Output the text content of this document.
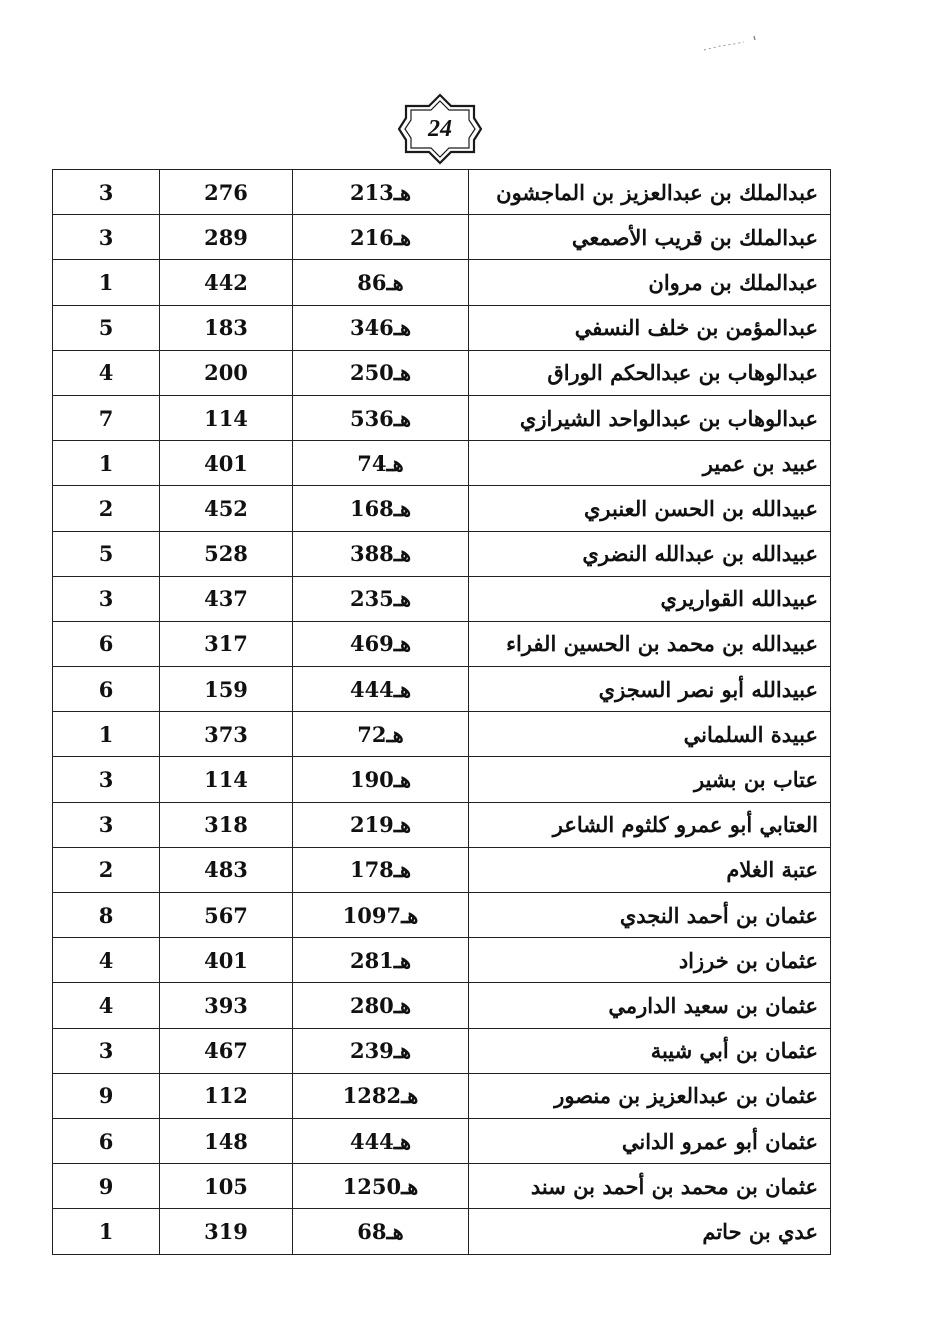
24
3	276	213هـ	عبدالملك بن عبدالعزيز بن الماجشون
3	289	216هـ	عبدالملك بن قريب الأصمعي
1	442	86هـ	عبدالملك بن مروان
5	183	346هـ	عبدالمؤمن بن خلف النسفي
4	200	250هـ	عبدالوهاب بن عبدالحكم الوراق
7	114	536هـ	عبدالوهاب بن عبدالواحد الشيرازي
1	401	74هـ	عبيد بن عمير
2	452	168هـ	عبيدالله بن الحسن العنبري
5	528	388هـ	عبيدالله بن عبدالله النضري
3	437	235هـ	عبيدالله القواريري
6	317	469هـ	عبيدالله بن محمد بن الحسين الفراء
6	159	444هـ	عبيدالله أبو نصر السجزي
1	373	72هـ	عبيدة السلماني
3	114	190هـ	عتاب بن بشير
3	318	219هـ	العتابي أبو عمرو كلثوم الشاعر
2	483	178هـ	عتبة الغلام
8	567	1097هـ	عثمان بن أحمد النجدي
4	401	281هـ	عثمان بن خرزاد
4	393	280هـ	عثمان بن سعيد الدارمي
3	467	239هـ	عثمان بن أبي شيبة
9	112	1282هـ	عثمان بن عبدالعزيز بن منصور
6	148	444هـ	عثمان أبو عمرو الداني
9	105	1250هـ	عثمان بن محمد بن أحمد بن سند
1	319	68هـ	عدي بن حاتم
